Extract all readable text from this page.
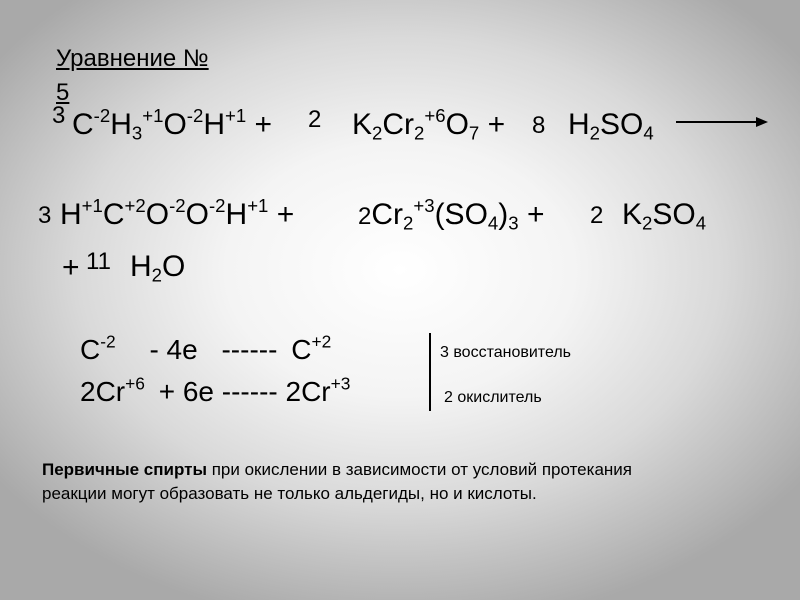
Уравнение №
5
3 $C^{-2}H_3^{+1}O^{-2}H^{+1} + 2$ $K_2Cr_2^{+6}O_7 + 8$ $H_2SO_4$
3 $H^{+1}C^{+2}O^{-2}O^{-2}H^{+1}$ +	$2Cr_2^{+3}(SO_4)_3 + 2$ $K_2SO_4$
+ 11 $H_2O$
$C^{-2} - 4e$ ------ $C^{+2}$
$2Cr^{+6} + 6e$ ------ $2Cr^{+3}$
3 восстановитель
2 окислитель
Первичные спирты при окислении в зависимости от условий протекания реакции могут образовать не только альдегиды, но и кислоты.
